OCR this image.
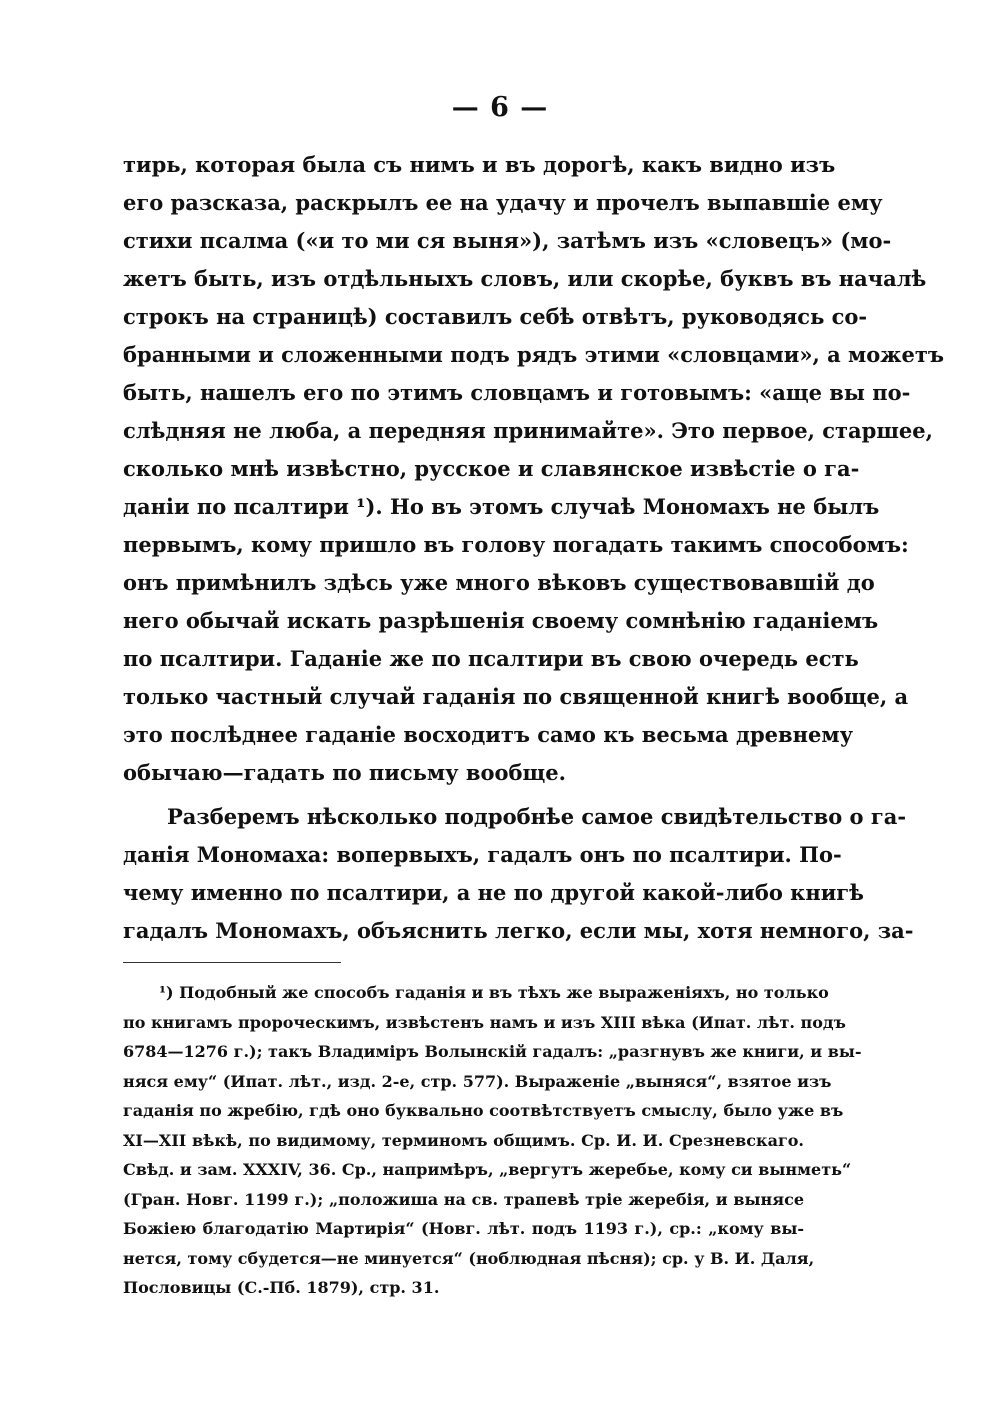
— 6 —
тирь, которая была съ нимъ и въ дорогѣ, какъ видно изъ
его разсказа, раскрылъ ее на удачу и прочелъ выпавшіе ему
стихи псалма («и то ми ся выня»), затѣмъ изъ «словецъ» (мо-
жетъ быть, изъ отдѣльныхъ словъ, или скорѣе, буквъ въ началѣ
строкъ на страницѣ) составилъ себѣ отвѣтъ, руководясь со-
бранными и сложенными подъ рядъ этими «словцами», а можетъ
быть, нашелъ его по этимъ словцамъ и готовымъ: «аще вы по-
слѣдняя не люба, а передняя принимайте». Это первое, старшее,
сколько мнѣ извѣстно, русское и славянское извѣстіе о га-
даніи по псалтири ¹). Но въ этомъ случаѣ Мономахъ не былъ
первымъ, кому пришло въ голову погадать такимъ способомъ:
онъ примѣнилъ здѣсь уже много вѣковъ существовавшій до
него обычай искать разрѣшенія своему сомнѣнію гаданіемъ
по псалтири. Гаданіе же по псалтири въ свою очередь есть
только частный случай гаданія по священной книгѣ вообще, а
это послѣднее гаданіе восходитъ само къ весьма древнему
обычаю—гадать по письму вообще.
Разберемъ нѣсколько подробнѣе самое свидѣтельство о га-
данія Мономаха: вопервыхъ, гадалъ онъ по псалтири. По-
чему именно по псалтири, а не по другой какой-либо книгѣ
гадалъ Мономахъ, объяснить легко, если мы, хотя немного, за-
¹) Подобный же способъ гаданія и въ тѣхъ же выраженіяхъ, но только
по книгамъ пророческимъ, извѣстенъ намъ и изъ XIII вѣка (Ипат. лѣт. подъ
6784—1276 г.); такъ Владимiръ Волынскій гадалъ: „разгнувъ же книги, и вы-
няся ему“ (Ипат. лѣт., изд. 2-е, стр. 577). Выраженіе „выняся“, взятое изъ
гаданія по жребію, гдѣ оно буквально соотвѣтствуетъ смыслу, было уже въ
XI—XII вѣкѣ, по видимому, терминомъ общимъ. Ср. И. И. Срезневскаго.
Свѣд. и зам. XXXIV, 36. Ср., напримѣръ, „вергутъ жеребье, кому си вынметь“
(Гран. Новг. 1199 г.); „положиша на св. трапевѣ тріе жеребія, и вынясе
Божіею благодатію Мартирія“ (Новг. лѣт. подъ 1193 г.), ср.: „кому вы-
нется, тому сбудется—не минуется“ (ноблюдная пѣсня); ср. у В. И. Даля,
Пословицы (С.-Пб. 1879), стр. 31.
